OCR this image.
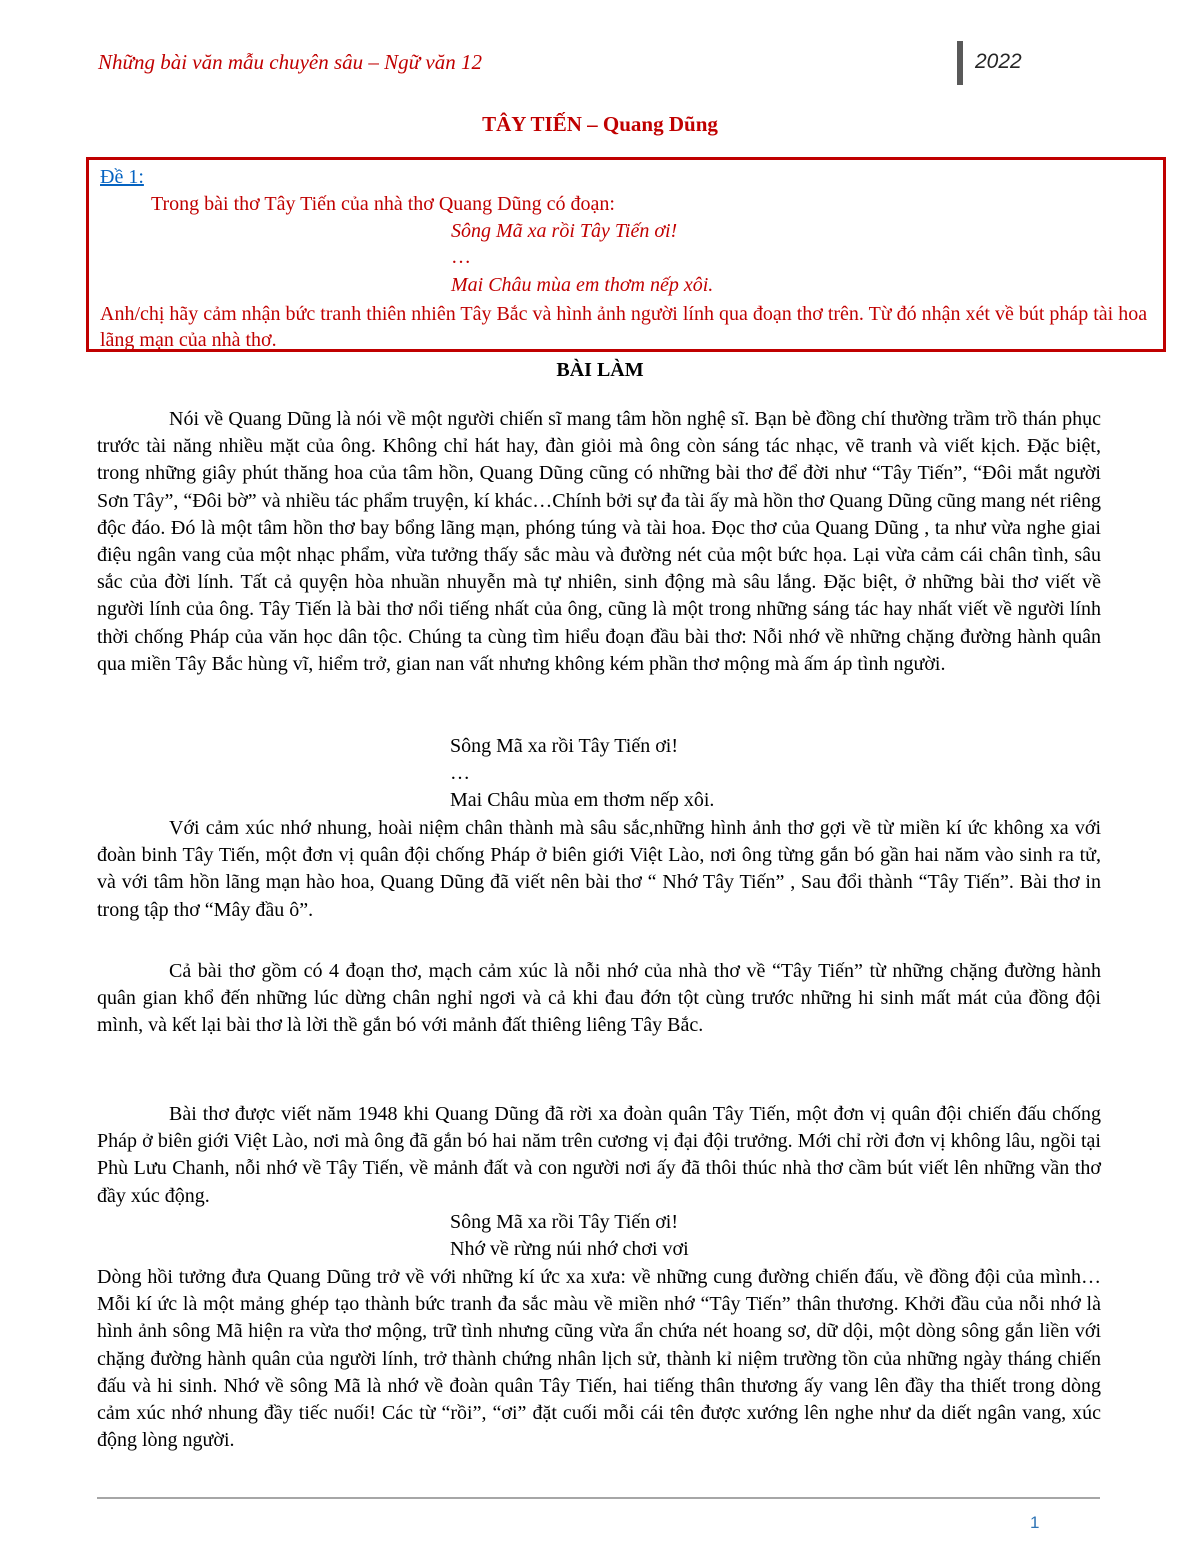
Những bài văn mẫu chuyên sâu – Ngữ văn 12	2022
TÂY TIẾN – Quang Dũng
Đề 1:
Trong bài thơ Tây Tiến của nhà thơ Quang Dũng có đoạn:
Sông Mã xa rồi Tây Tiến ơi!
…
Mai Châu mùa em thơm nếp xôi.
Anh/chị hãy cảm nhận bức tranh thiên nhiên Tây Bắc và hình ảnh người lính qua đoạn thơ trên. Từ đó nhận xét về bút pháp tài hoa lãng mạn của nhà thơ.
BÀI LÀM

Nói về Quang Dũng là nói về một người chiến sĩ mang tâm hồn nghệ sĩ. Bạn bè đồng chí thường trầm trồ thán phục trước tài năng nhiều mặt của ông. Không chỉ hát hay, đàn giỏi mà ông còn sáng tác nhạc, vẽ tranh và viết kịch. Đặc biệt, trong những giây phút thăng hoa của tâm hồn, Quang Dũng cũng có những bài thơ để đời như “Tây Tiến”, “Đôi mắt người Sơn Tây”, “Đôi bờ” và nhiều tác phẩm truyện, kí khác…Chính bởi sự đa tài ấy mà hồn thơ Quang Dũng cũng mang nét riêng độc đáo. Đó là một tâm hồn thơ bay bổng lãng mạn, phóng túng và tài hoa. Đọc thơ của Quang Dũng , ta như vừa nghe giai điệu ngân vang của một nhạc phẩm, vừa tưởng thấy sắc màu và đường nét của một bức họa. Lại vừa cảm cái chân tình, sâu sắc của đời lính. Tất cả quyện hòa nhuần nhuyễn mà tự nhiên, sinh động mà sâu lắng. Đặc biệt, ở những bài thơ viết về người lính của ông. Tây Tiến là bài thơ nổi tiếng nhất của ông, cũng là một trong những sáng tác hay nhất viết về người lính thời chống Pháp của văn học dân tộc. Chúng ta cùng tìm hiểu đoạn đầu bài thơ: Nỗi nhớ về những chặng đường hành quân qua miền Tây Bắc hùng vĩ, hiểm trở, gian nan vất nhưng không kém phần thơ mộng mà ấm áp tình người.

Sông Mã xa rồi Tây Tiến ơi!
…
Mai Châu mùa em thơm nếp xôi.

Với cảm xúc nhớ nhung, hoài niệm chân thành mà sâu sắc,những hình ảnh thơ gợi về từ miền kí ức không xa với đoàn binh Tây Tiến, một đơn vị quân đội chống Pháp ở biên giới Việt Lào, nơi ông từng gắn bó gần hai năm vào sinh ra tử, và với tâm hồn lãng mạn hào hoa, Quang Dũng đã viết nên bài thơ “ Nhớ Tây Tiến” , Sau đổi thành “Tây Tiến”. Bài thơ in trong tập thơ “Mây đầu ô”.

Cả bài thơ gồm có 4 đoạn thơ, mạch cảm xúc là nỗi nhớ của nhà thơ về “Tây Tiến” từ những chặng đường hành quân gian khổ đến những lúc dừng chân nghỉ ngơi và cả khi đau đớn tột cùng trước những hi sinh mất mát của đồng đội mình, và kết lại bài thơ là lời thề gắn bó với mảnh đất thiêng liêng Tây Bắc.

Bài thơ được viết năm 1948 khi Quang Dũng đã rời xa đoàn quân Tây Tiến, một đơn vị quân đội chiến đấu chống Pháp ở biên giới Việt Lào, nơi mà ông đã gắn bó hai năm trên cương vị đại đội trưởng. Mới chỉ rời đơn vị không lâu, ngồi tại Phù Lưu Chanh, nỗi nhớ về Tây Tiến, về mảnh đất và con người nơi ấy đã thôi thúc nhà thơ cầm bút viết lên những vần thơ đầy xúc động.

Sông Mã xa rồi Tây Tiến ơi!
Nhớ về rừng núi nhớ chơi vơi

Dòng hồi tưởng đưa Quang Dũng trở về với những kí ức xa xưa: về những cung đường chiến đấu, về đồng đội của mình… Mỗi kí ức là một mảng ghép tạo thành bức tranh đa sắc màu về miền nhớ “Tây Tiến” thân thương. Khởi đầu của nỗi nhớ là hình ảnh sông Mã hiện ra vừa thơ mộng, trữ tình nhưng cũng vừa ẩn chứa nét hoang sơ, dữ dội, một dòng sông gắn liền với chặng đường hành quân của người lính, trở thành chứng nhân lịch sử, thành kỉ niệm trường tồn của những ngày tháng chiến đấu và hi sinh. Nhớ về sông Mã là nhớ về đoàn quân Tây Tiến, hai tiếng thân thương ấy vang lên đầy tha thiết trong dòng cảm xúc nhớ nhung đầy tiếc nuối! Các từ “rồi”, “ơi” đặt cuối mỗi cái tên được xướng lên nghe như da diết ngân vang, xúc động lòng người.

1
